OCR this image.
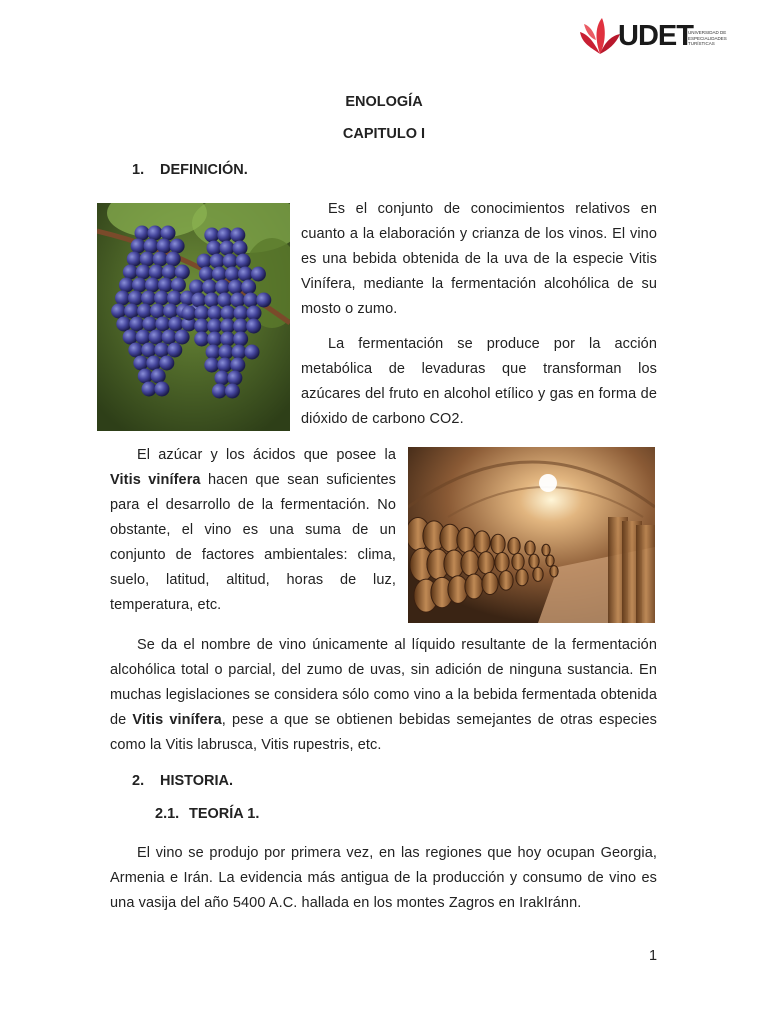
UDET
UNIVERSIDAD DE ESPECIALIDADES TURÍSTICAS
ENOLOGÍA
CAPITULO I
1. DEFINICIÓN.

Es el conjunto de conocimientos relativos en cuanto a la elaboración y crianza de los vinos. El vino es una bebida obtenida de la uva de la especie Vitis Vinífera, mediante la fermentación alcohólica de su mosto o zumo.

La fermentación se produce por la acción metabólica de levaduras que transforman los azúcares del fruto en alcohol etílico y gas en forma de dióxido de carbono CO2.

El azúcar y los ácidos que posee la Vitis vinífera hacen que sean suficientes para el desarrollo de la fermentación. No obstante, el vino es una suma de un conjunto de factores ambientales: clima, suelo, latitud, altitud, horas de luz, temperatura, etc.

Se da el nombre de vino únicamente al líquido resultante de la fermentación alcohólica total o parcial, del zumo de uvas, sin adición de ninguna sustancia. En muchas legislaciones se considera sólo como vino a la bebida fermentada obtenida de Vitis vinífera, pese a que se obtienen bebidas semejantes de otras especies como la Vitis labrusca, Vitis rupestris, etc.

2. HISTORIA.
2.1. TEORÍA 1.

El vino se produjo por primera vez, en las regiones que hoy ocupan Georgia, Armenia e Irán. La evidencia más antigua de la producción y consumo de vino es una vasija del año 5400 A.C. hallada en los montes Zagros en IrakIránn.

1
